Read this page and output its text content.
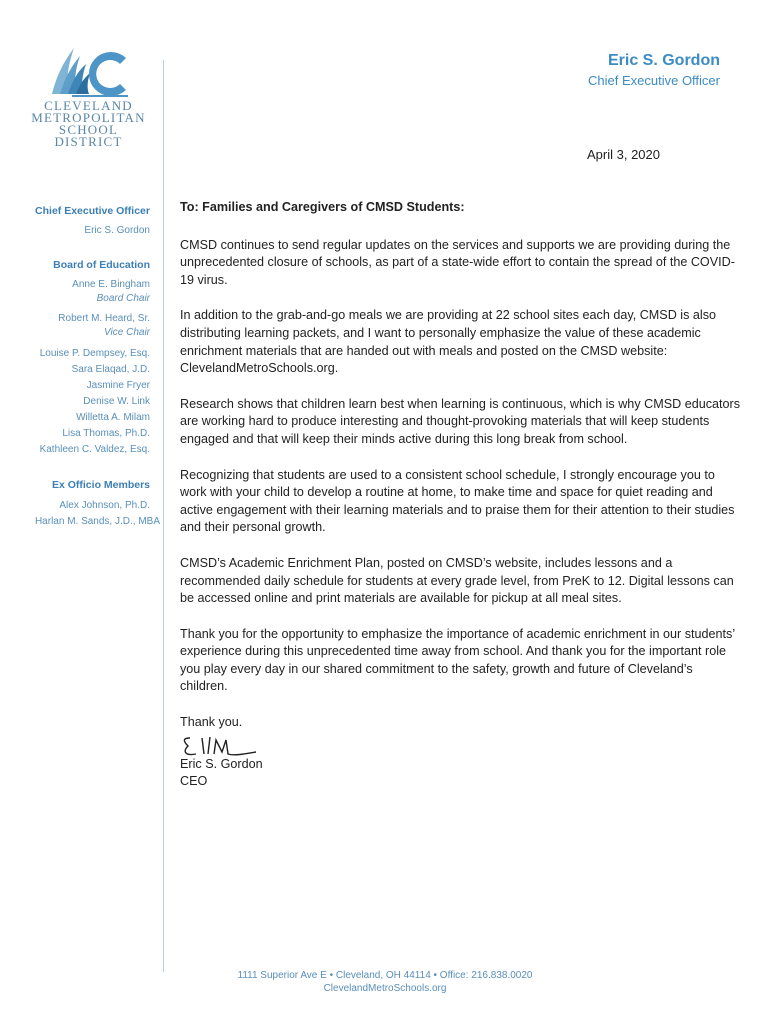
CLEVELAND
METROPOLITAN
SCHOOL DISTRICT
Eric S. Gordon
Chief Executive Officer
April 3, 2020
Chief Executive Officer
Eric S. Gordon
Board of Education
Anne E. Bingham
Board Chair
Robert M. Heard, Sr.
Vice Chair
Louise P. Dempsey, Esq.
Sara Elaqad, J.D.
Jasmine Fryer
Denise W. Link
Willetta A. Milam
Lisa Thomas, Ph.D.
Kathleen C. Valdez, Esq.
Ex Officio Members
Alex Johnson, Ph.D.
Harlan M. Sands, J.D., MBA

To: Families and Caregivers of CMSD Students:

CMSD continues to send regular updates on the services and supports we are providing during the unprecedented closure of schools, as part of a state-wide effort to contain the spread of the COVID-19 virus.

In addition to the grab-and-go meals we are providing at 22 school sites each day, CMSD is also distributing learning packets, and I want to personally emphasize the value of these academic enrichment materials that are handed out with meals and posted on the CMSD website: ClevelandMetroSchools.org.

Research shows that children learn best when learning is continuous, which is why CMSD educators are working hard to produce interesting and thought-provoking materials that will keep students engaged and that will keep their minds active during this long break from school.

Recognizing that students are used to a consistent school schedule, I strongly encourage you to work with your child to develop a routine at home, to make time and space for quiet reading and active engagement with their learning materials and to praise them for their attention to their studies and their personal growth.

CMSD’s Academic Enrichment Plan, posted on CMSD’s website, includes lessons and a recommended daily schedule for students at every grade level, from PreK to 12. Digital lessons can be accessed online and print materials are available for pickup at all meal sites.

Thank you for the opportunity to emphasize the importance of academic enrichment in our students’ experience during this unprecedented time away from school. And thank you for the important role you play every day in our shared commitment to the safety, growth and future of Cleveland’s children.

Thank you.
Eric S. Gordon
CEO
1111 Superior Ave E • Cleveland, OH 44114 • Office: 216.838.0020
ClevelandMetroSchools.org
